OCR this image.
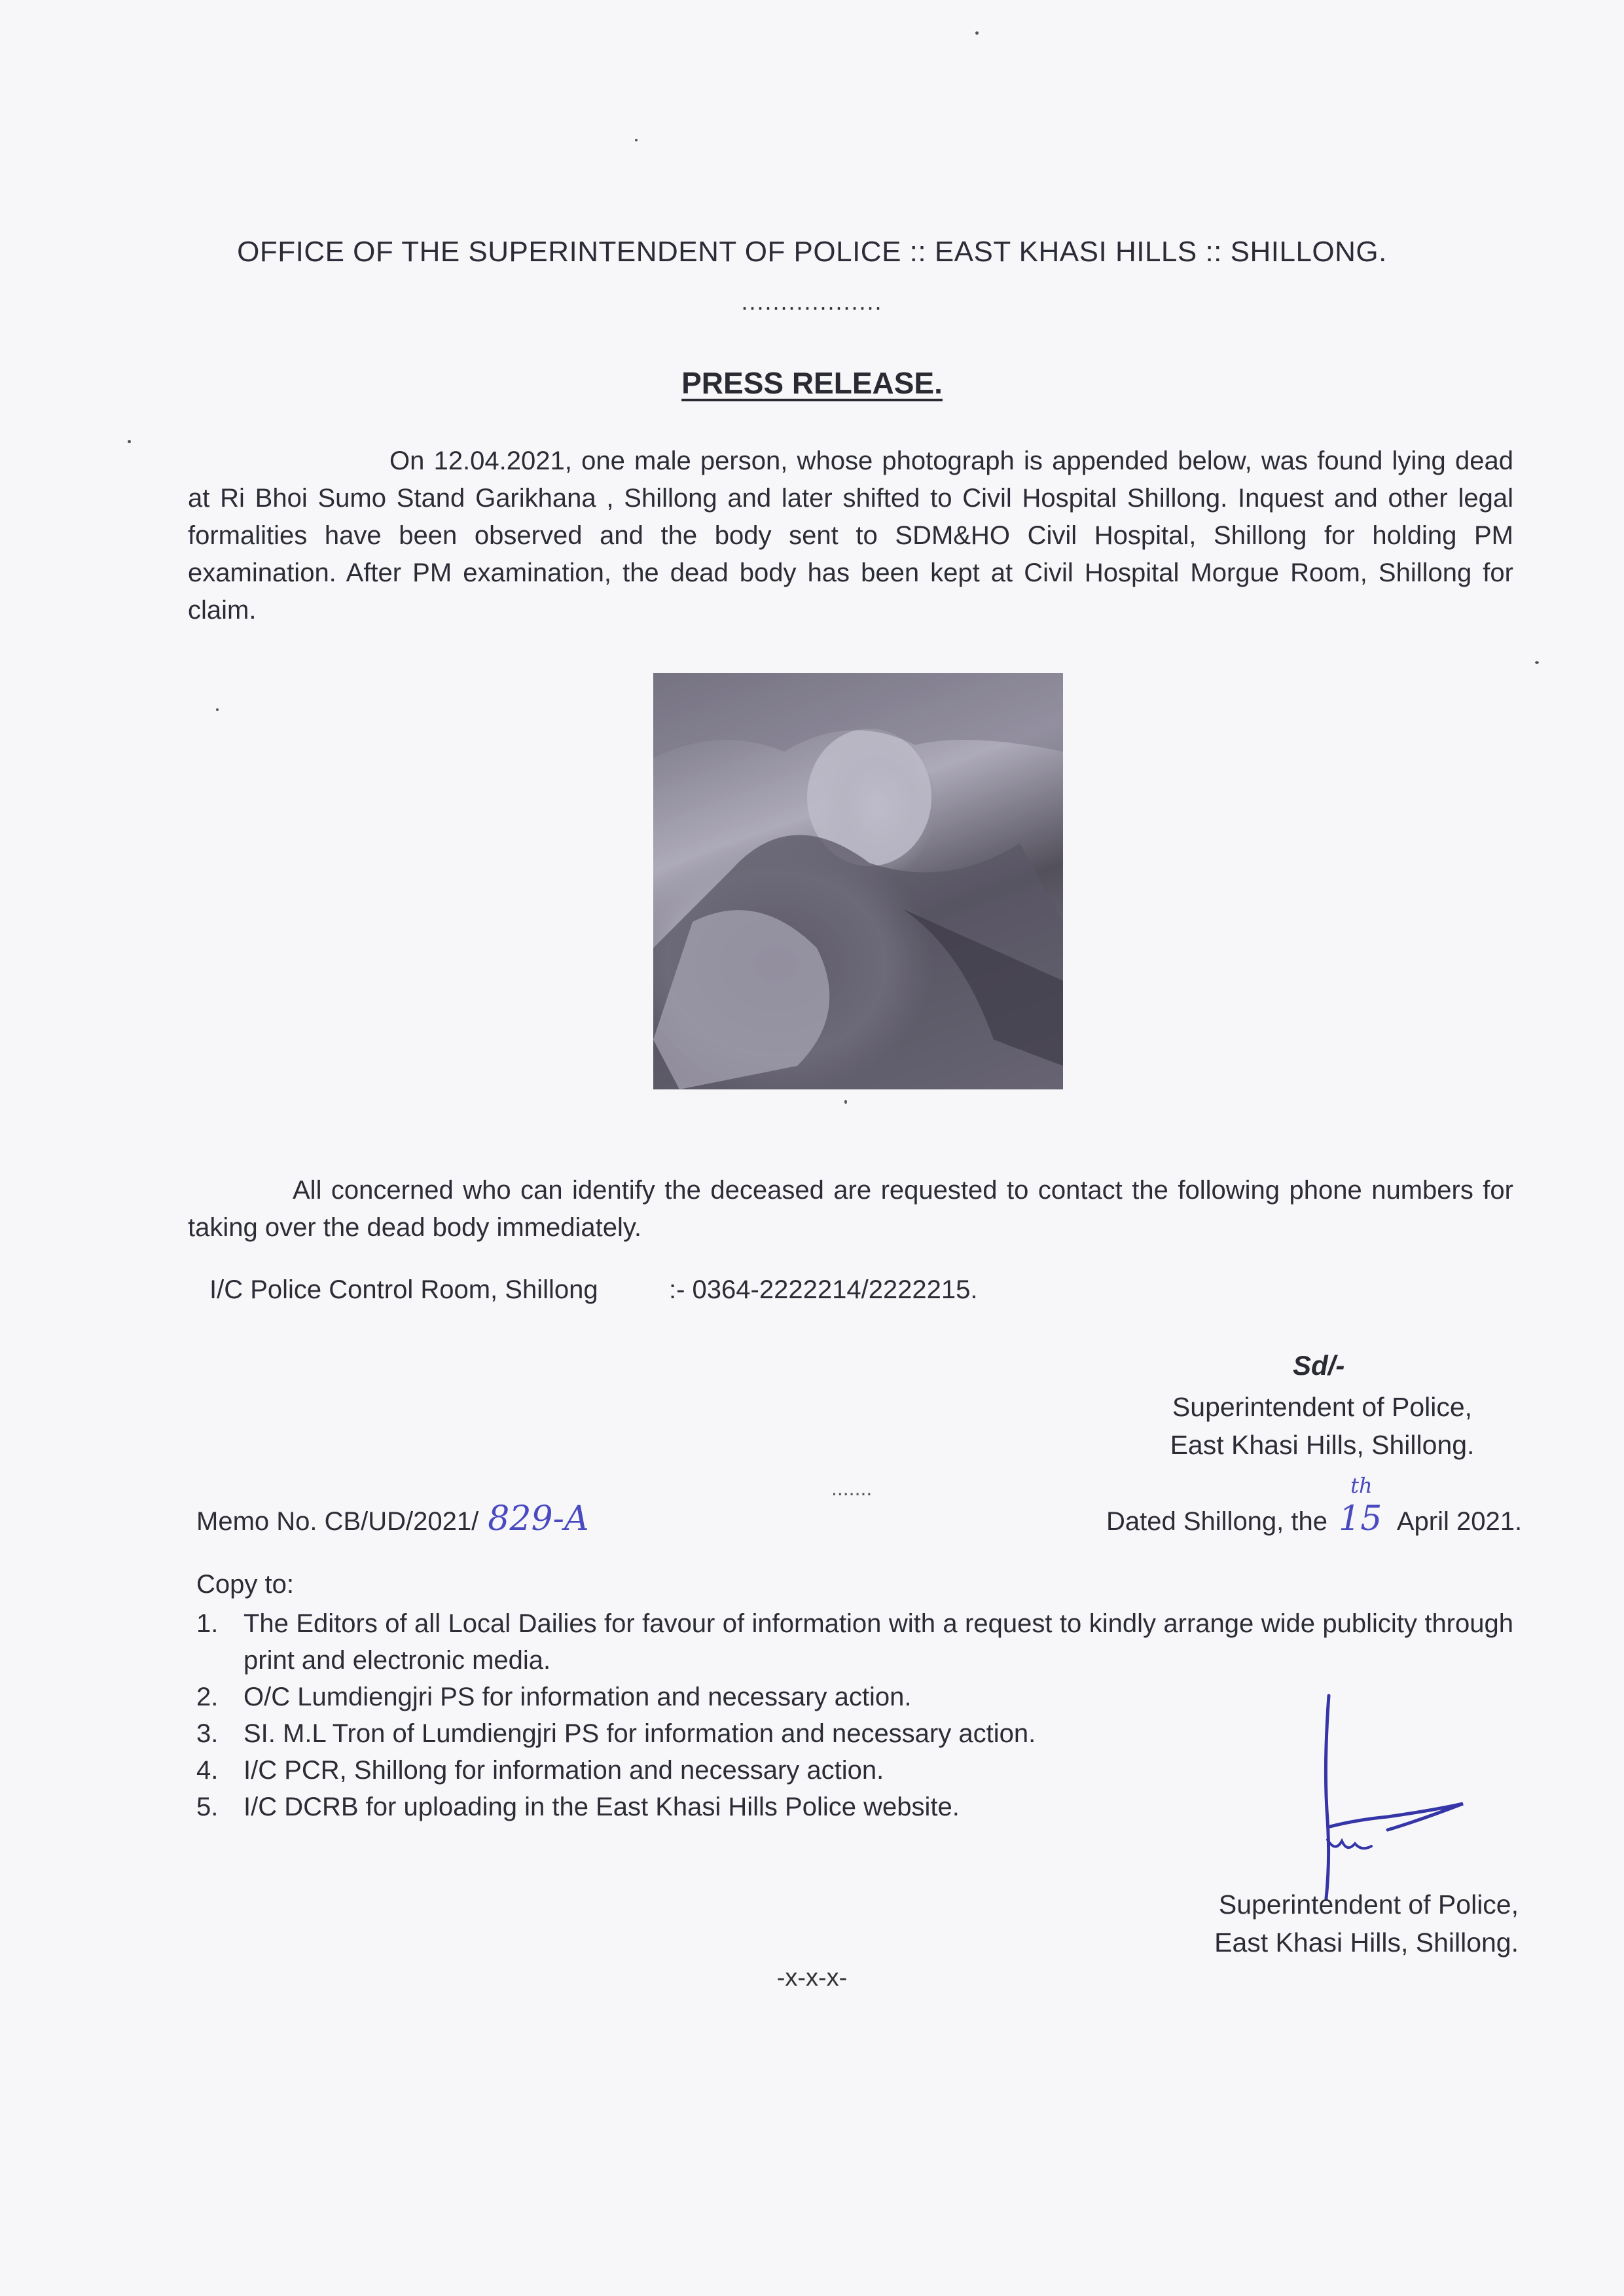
OFFICE OF THE SUPERINTENDENT OF POLICE :: EAST KHASI HILLS :: SHILLONG.
..................
PRESS RELEASE.
On 12.04.2021, one male person, whose photograph is appended below, was found lying dead at Ri Bhoi Sumo Stand Garikhana , Shillong and later shifted to Civil Hospital Shillong. Inquest and other legal formalities have been observed and the body sent to SDM&HO Civil Hospital, Shillong for holding PM examination. After PM examination, the dead body has been kept at Civil Hospital Morgue Room, Shillong for claim.
All concerned who can identify the deceased are requested to contact the following phone numbers for taking over the dead body immediately.
I/C Police Control Room, Shillong	:- 0364-2222214/2222215.
Sd/-
Superintendent of Police,
East Khasi Hills, Shillong.
.......
Memo No. CB/UD/2021/ 829-A	Dated Shillong, the 15
th
April 2021.
Copy to:
1. The Editors of all Local Dailies for favour of information with a request to kindly arrange wide publicity through print and electronic media.
2. O/C Lumdiengjri PS for information and necessary action.
3. SI. M.L Tron of Lumdiengjri PS for information and necessary action.
4. I/C PCR, Shillong for information and necessary action.
5. I/C DCRB for uploading in the East Khasi Hills Police website.
Superintendent of Police,
East Khasi Hills, Shillong.
-x-x-x-
